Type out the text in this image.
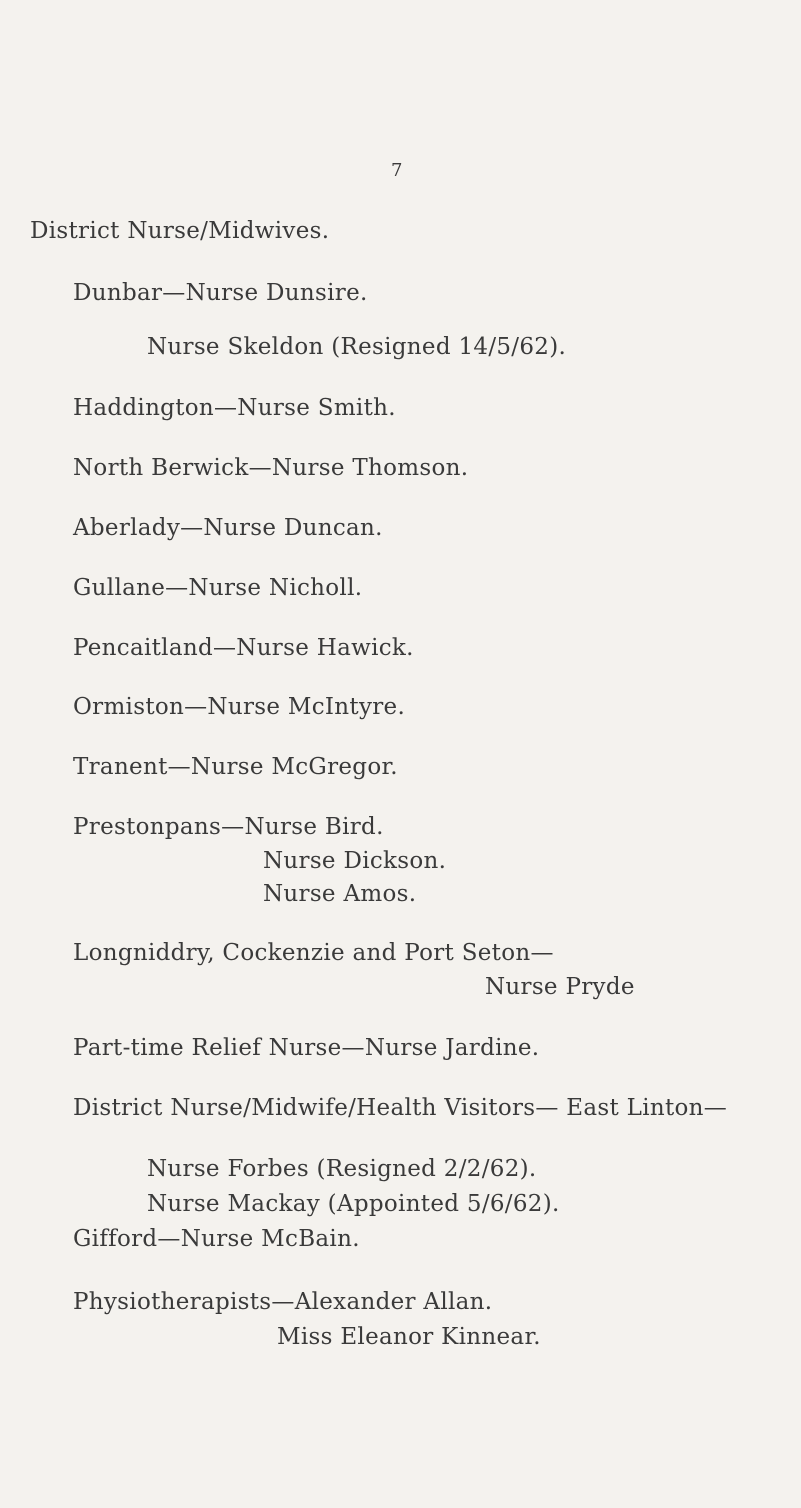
7
District Nurse/Midwives.
Dunbar—Nurse Dunsire.
Nurse Skeldon (Resigned 14/5/62).
Haddington—Nurse Smith.
North Berwick—Nurse Thomson.
Aberlady—Nurse Duncan.
Gullane—Nurse Nicholl.
Pencaitland—Nurse Hawick.
Ormiston—Nurse McIntyre.
Tranent—Nurse McGregor.
Prestonpans—Nurse Bird.
Nurse Dickson.
Nurse Amos.
Longniddry, Cockenzie and Port Seton—
Nurse Pryde
Part-time Relief Nurse—Nurse Jardine.
District Nurse/Midwife/Health Visitors— East Linton—
Nurse Forbes (Resigned 2/2/62).
Nurse Mackay (Appointed 5/6/62).
Gifford—Nurse McBain.
Physiotherapists—Alexander Allan.
Miss Eleanor Kinnear.
